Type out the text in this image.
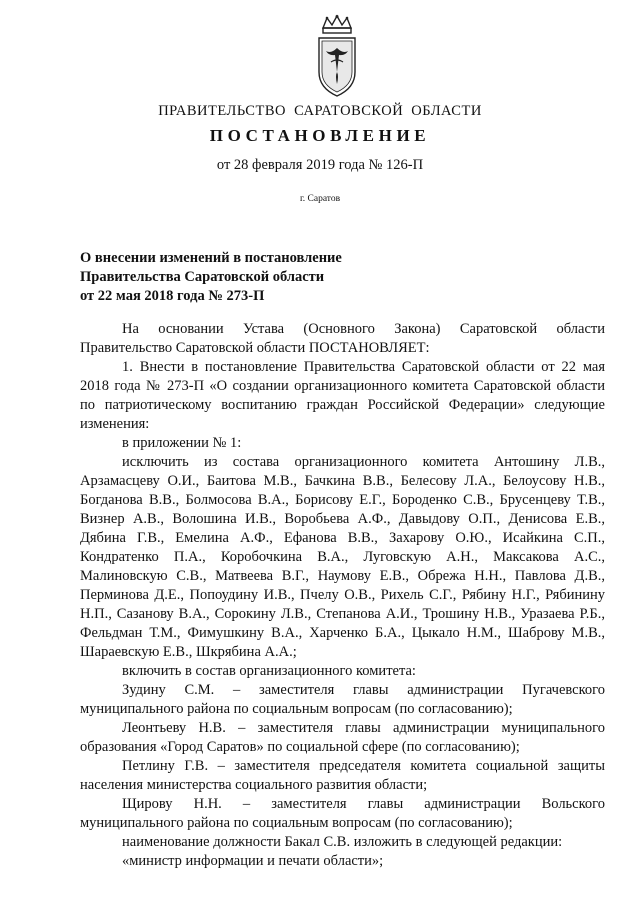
ПРАВИТЕЛЬСТВО САРАТОВСКОЙ ОБЛАСТИ
ПОСТАНОВЛЕНИЕ
от 28 февраля 2019 года № 126-П
г. Саратов
О внесении изменений в постановление
Правительства Саратовской области
от 22 мая 2018 года № 273-П

На основании Устава (Основного Закона) Саратовской области Правительство Саратовской области ПОСТАНОВЛЯЕТ:

1. Внести в постановление Правительства Саратовской области от 22 мая 2018 года № 273-П «О создании организационного комитета Саратовской области по патриотическому воспитанию граждан Российской Федерации» следующие изменения:

в приложении № 1:

исключить из состава организационного комитета Антошину Л.В., Арзамасцеву О.И., Баитова М.В., Бачкина В.В., Белесову Л.А., Белоусову Н.В., Богданова В.В., Болмосова В.А., Борисову Е.Г., Бороденко С.В., Брусенцеву Т.В., Визнер А.В., Волошина И.В., Воробьева А.Ф., Давыдову О.П., Денисова Е.В., Дябина Г.В., Емелина А.Ф., Ефанова В.В., Захарову О.Ю., Исайкина С.П., Кондратенко П.А., Коробочкина В.А., Луговскую А.Н., Максакова А.С., Малиновскую С.В., Матвеева В.Г., Наумову Е.В., Обрежа Н.Н., Павлова Д.В., Перминова Д.Е., Попоудину И.В., Пчелу О.В., Рихель С.Г., Рябину Н.Г., Рябинину Н.П., Сазанову В.А., Сорокину Л.В., Степанова А.И., Трошину Н.В., Уразаева Р.Б., Фельдман Т.М., Фимушкину В.А., Харченко Б.А., Цыкало Н.М., Шаброву М.В., Шараевскую Е.В., Шкрябина А.А.;

включить в состав организационного комитета:

Зудину С.М. – заместителя главы администрации Пугачевского муниципального района по социальным вопросам (по согласованию);

Леонтьеву Н.В. – заместителя главы администрации муниципального образования «Город Саратов» по социальной сфере (по согласованию);

Петлину Г.В. – заместителя председателя комитета социальной защиты населения министерства социального развития области;

Щирову Н.Н. – заместителя главы администрации Вольского муниципального района по социальным вопросам (по согласованию);

наименование должности Бакал С.В. изложить в следующей редакции:

«министр информации и печати области»;
